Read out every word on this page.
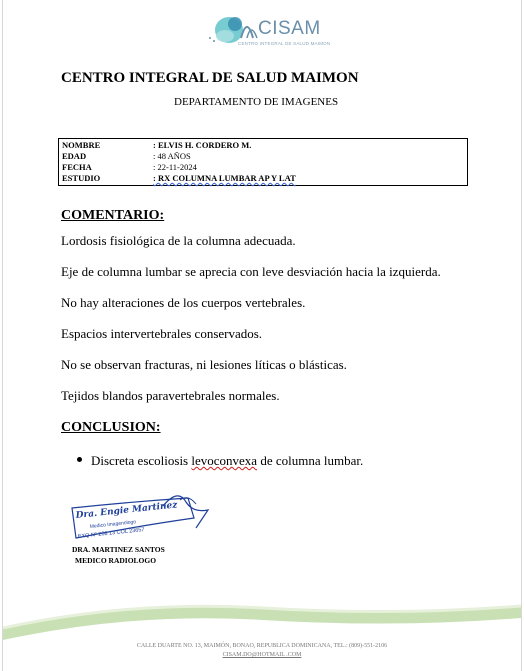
CISAM
CENTRO INTEGRAL DE SALUD MAIMON
CENTRO INTEGRAL DE SALUD MAIMON
DEPARTAMENTO DE IMAGENES
NOMBRE	: ELVIS H. CORDERO M.
EDAD	: 48 AÑOS
FECHA	: 22-11-2024
ESTUDIO	: RX COLUMNA LUMBAR AP Y LAT
COMENTARIO:
Lordosis fisiológica de la columna adecuada.
Eje de columna lumbar se aprecia con leve desviación hacia la izquierda.
No hay alteraciones de los cuerpos vertebrales.
Espacios intervertebrales conservados.
No se observan fracturas, ni lesiones líticas o blásticas.
Tejidos blandos paravertebrales normales.
CONCLUSION:
Discreta escoliosis levoconvexa de columna lumbar.
Dra. Engie Martinez
Medico Imagenologo
EXQ Nº 208 13 COL 23657
DRA. MARTINEZ SANTOS
MEDICO RADIOLOGO
CALLE DUARTE NO. 13, MAIMÓN, BONAO, REPUBLICA DOMINICANA, TEL.: (809)-551-2106
CISAM.DO@HOTMAIL .COM
